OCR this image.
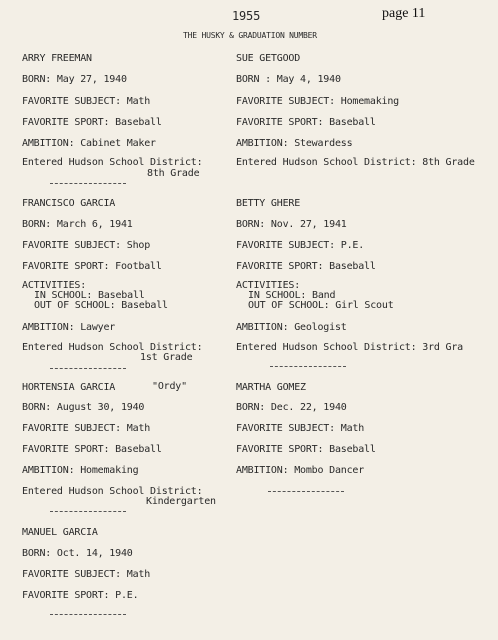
1955	page 11
THE HUSKY & GRADUATION NUMBER
ARRY FREEMAN
BORN: May 27, 1940
FAVORITE SUBJECT: Math
FAVORITE SPORT: Baseball
AMBITION: Cabinet Maker
Entered Hudson School District:
8th Grade
SUE GETGOOD
BORN : May 4, 1940
FAVORITE SUBJECT: Homemaking
FAVORITE SPORT: Baseball
AMBITION: Stewardess
Entered Hudson School District: 8th Grade
FRANCISCO GARCIA
BORN: March 6, 1941
FAVORITE SUBJECT: Shop
FAVORITE SPORT: Football
ACTIVITIES:
IN SCHOOL: Baseball
OUT OF SCHOOL: Baseball
AMBITION: Lawyer
Entered Hudson School District:
1st Grade
BETTY GHERE
BORN: Nov. 27, 1941
FAVORITE SUBJECT: P.E.
FAVORITE SPORT: Baseball
ACTIVITIES:
IN SCHOOL: Band
OUT OF SCHOOL: Girl Scout
AMBITION: Geologist
Entered Hudson School District: 3rd Gra
HORTENSIA GARCIA	"Ordy"
BORN: August 30, 1940
FAVORITE SUBJECT: Math
FAVORITE SPORT: Baseball
AMBITION: Homemaking
Entered Hudson School District:
Kindergarten
MARTHA GOMEZ
BORN: Dec. 22, 1940
FAVORITE SUBJECT: Math
FAVORITE SPORT: Baseball
AMBITION: Mombo Dancer
MANUEL GARCIA
BORN: Oct. 14, 1940
FAVORITE SUBJECT: Math
FAVORITE SPORT: P.E.
